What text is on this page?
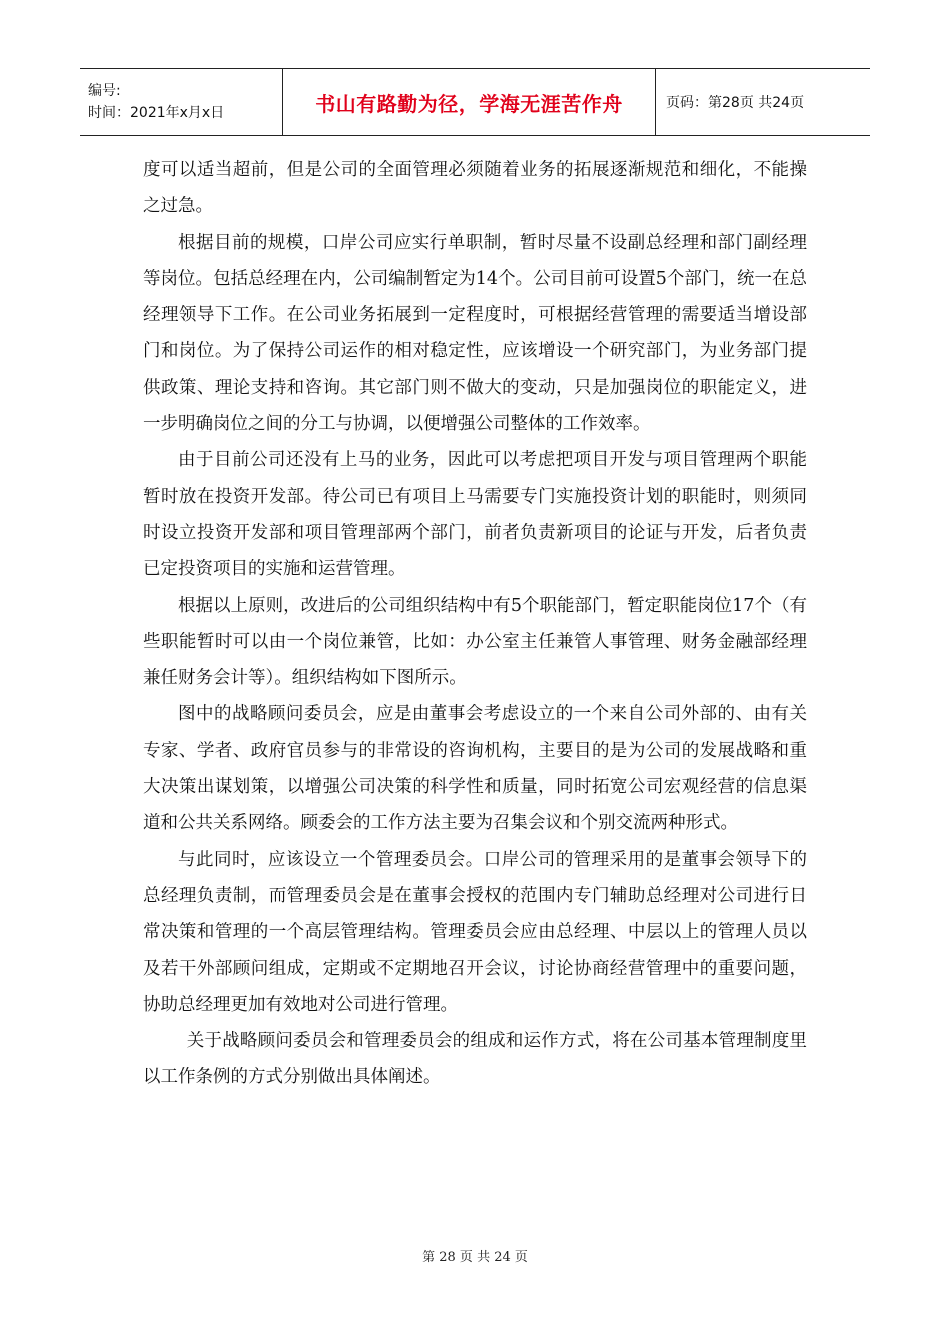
编号:
时间：2021年x月x日	书山有路勤为径，学海无涯苦作舟	页码：第28页 共24页

度可以适当超前，但是公司的全面管理必须随着业务的拓展逐渐规范和细化，不能操之过急。

根据目前的规模，口岸公司应实行单职制，暂时尽量不设副总经理和部门副经理等岗位。包括总经理在内，公司编制暂定为14个。公司目前可设置5个部门，统一在总经理领导下工作。在公司业务拓展到一定程度时，可根据经营管理的需要适当增设部门和岗位。为了保持公司运作的相对稳定性，应该增设一个研究部门，为业务部门提供政策、理论支持和咨询。其它部门则不做大的变动，只是加强岗位的职能定义，进一步明确岗位之间的分工与协调，以便增强公司整体的工作效率。

由于目前公司还没有上马的业务，因此可以考虑把项目开发与项目管理两个职能暂时放在投资开发部。待公司已有项目上马需要专门实施投资计划的职能时，则须同时设立投资开发部和项目管理部两个部门，前者负责新项目的论证与开发，后者负责已定投资项目的实施和运营管理。

根据以上原则，改进后的公司组织结构中有5个职能部门，暂定职能岗位17个（有些职能暂时可以由一个岗位兼管，比如：办公室主任兼管人事管理、财务金融部经理兼任财务会计等）。组织结构如下图所示。

图中的战略顾问委员会，应是由董事会考虑设立的一个来自公司外部的、由有关专家、学者、政府官员参与的非常设的咨询机构，主要目的是为公司的发展战略和重大决策出谋划策，以增强公司决策的科学性和质量，同时拓宽公司宏观经营的信息渠道和公共关系网络。顾委会的工作方法主要为召集会议和个别交流两种形式。

与此同时，应该设立一个管理委员会。口岸公司的管理采用的是董事会领导下的总经理负责制，而管理委员会是在董事会授权的范围内专门辅助总经理对公司进行日常决策和管理的一个高层管理结构。管理委员会应由总经理、中层以上的管理人员以及若干外部顾问组成，定期或不定期地召开会议，讨论协商经营管理中的重要问题，协助总经理更加有效地对公司进行管理。

关于战略顾问委员会和管理委员会的组成和运作方式，将在公司基本管理制度里以工作条例的方式分别做出具体阐述。

第 28 页 共 24 页
